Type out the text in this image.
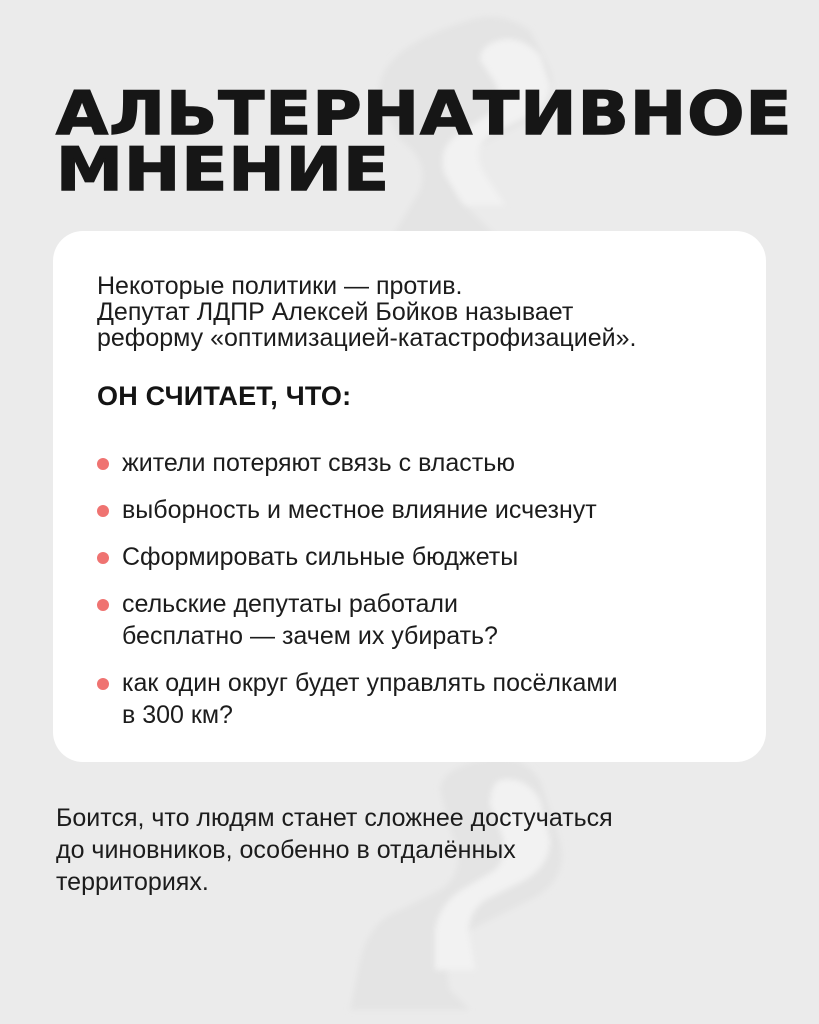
АЛЬТЕРНАТИВНОЕ
МНЕНИЕ

Некоторые политики — против.
Депутат ЛДПР Алексей Бойков называет
реформу «оптимизацией-катастрофизацией».

ОН СЧИТАЕТ, ЧТО:
жители потеряют связь с властью
выборность и местное влияние исчезнут
Сформировать сильные бюджеты
сельские депутаты работали
бесплатно — зачем их убирать?
как один округ будет управлять посёлками
в 300 км?

Боится, что людям станет сложнее достучаться
до чиновников, особенно в отдалённых
территориях.
